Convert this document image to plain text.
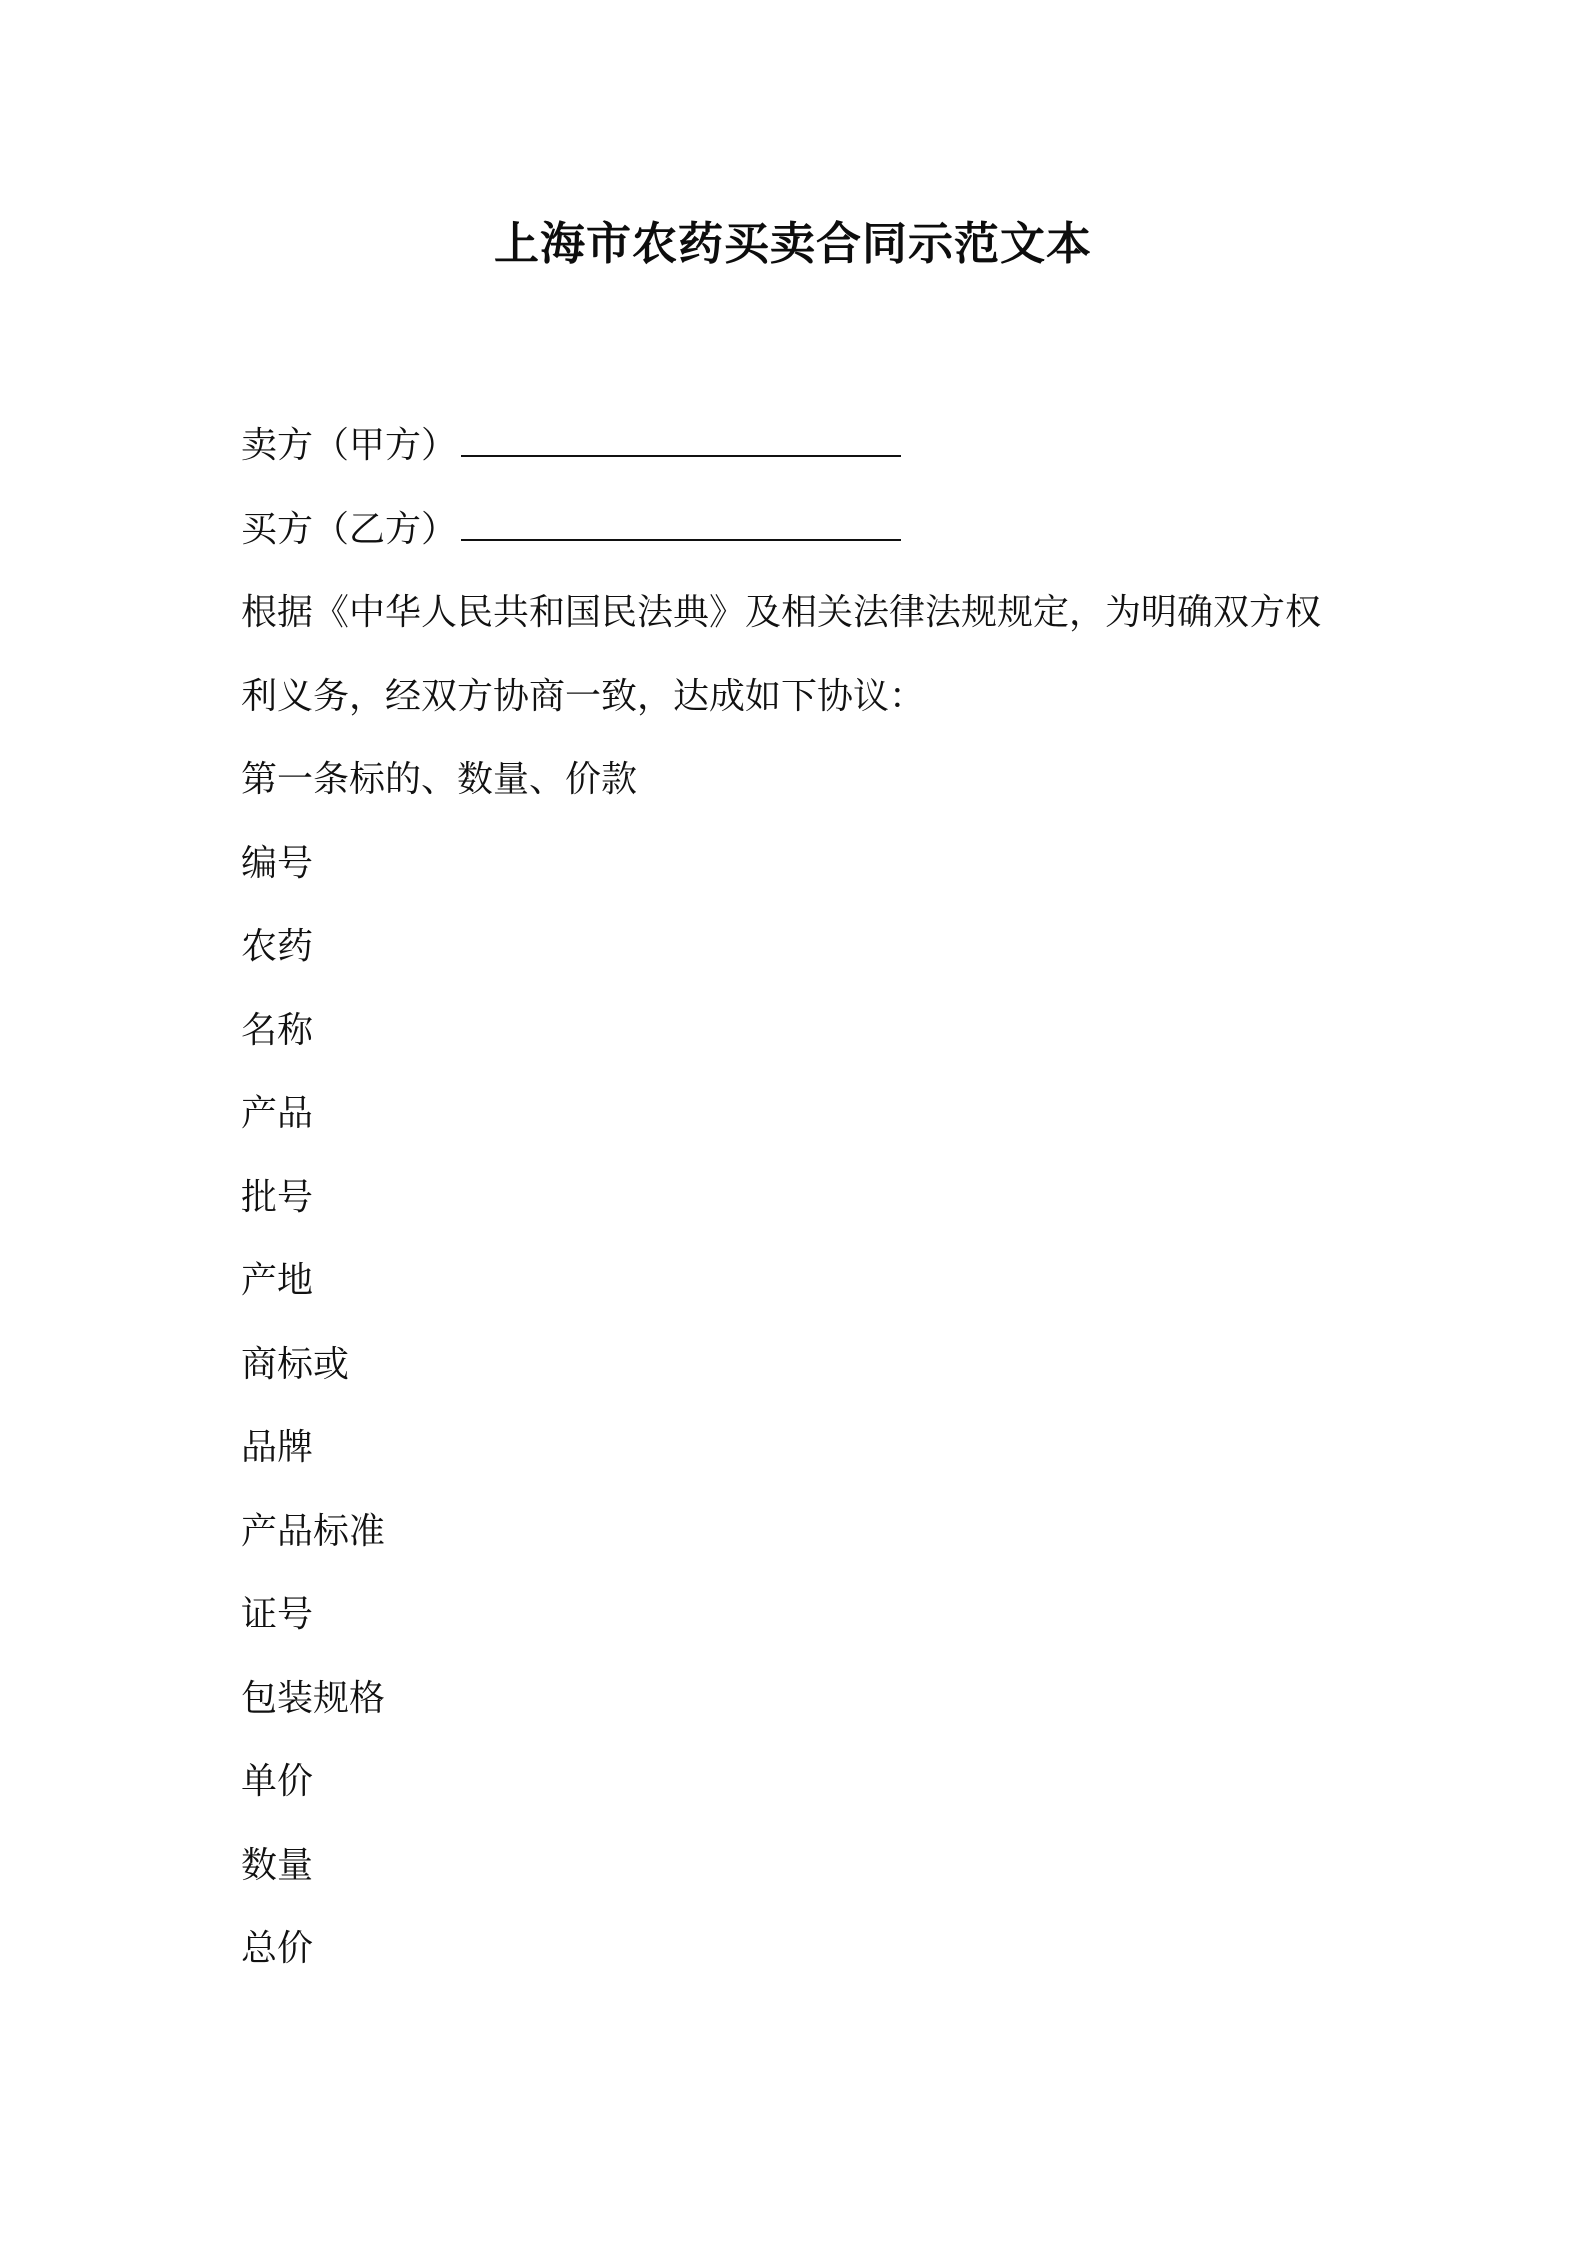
上海市农药买卖合同示范文本
卖方（甲方）
买方（乙方）
根据《中华人民共和国民法典》及相关法律法规规定，为明确双方权
利义务，经双方协商一致，达成如下协议：
第一条标的、数量、价款
编号
农药
名称
产品
批号
产地
商标或
品牌
产品标准
证号
包装规格
单价
数量
总价
